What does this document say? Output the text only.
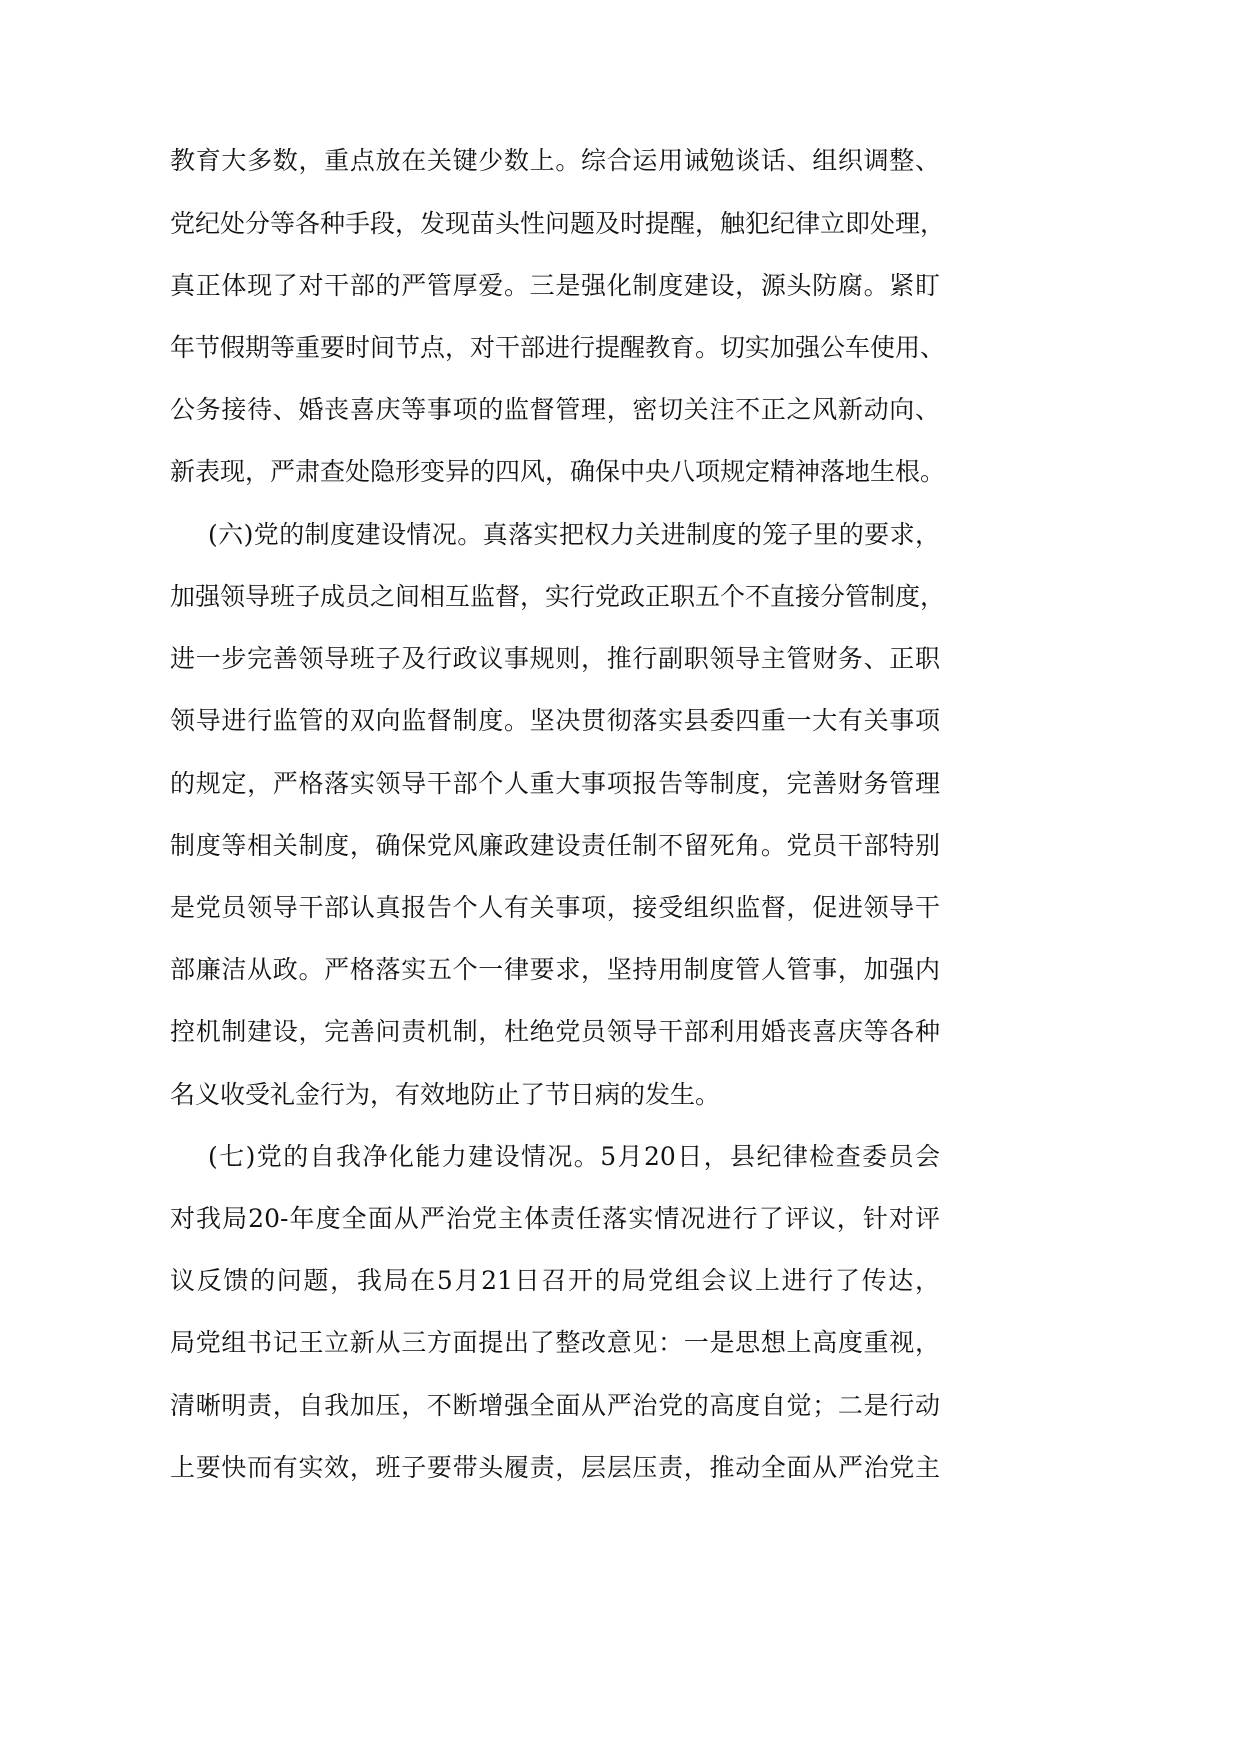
教育大多数，重点放在关键少数上。综合运用诫勉谈话、组织调整、
党纪处分等各种手段，发现苗头性问题及时提醒，触犯纪律立即处理，
真正体现了对干部的严管厚爱。三是强化制度建设，源头防腐。紧盯
年节假期等重要时间节点，对干部进行提醒教育。切实加强公车使用、
公务接待、婚丧喜庆等事项的监督管理，密切关注不正之风新动向、
新表现，严肃查处隐形变异的四风，确保中央八项规定精神落地生根。
(六)党的制度建设情况。真落实把权力关进制度的笼子里的要求，
加强领导班子成员之间相互监督，实行党政正职五个不直接分管制度，
进一步完善领导班子及行政议事规则，推行副职领导主管财务、正职
领导进行监管的双向监督制度。坚决贯彻落实县委四重一大有关事项
的规定，严格落实领导干部个人重大事项报告等制度，完善财务管理
制度等相关制度，确保党风廉政建设责任制不留死角。党员干部特别
是党员领导干部认真报告个人有关事项，接受组织监督，促进领导干
部廉洁从政。严格落实五个一律要求，坚持用制度管人管事，加强内
控机制建设，完善问责机制，杜绝党员领导干部利用婚丧喜庆等各种
名义收受礼金行为，有效地防止了节日病的发生。
(七)党的自我净化能力建设情况。5月20日，县纪律检查委员会
对我局20-年度全面从严治党主体责任落实情况进行了评议，针对评
议反馈的问题，我局在5月21日召开的局党组会议上进行了传达，
局党组书记王立新从三方面提出了整改意见：一是思想上高度重视，
清晰明责，自我加压，不断增强全面从严治党的高度自觉；二是行动
上要快而有实效，班子要带头履责，层层压责，推动全面从严治党主
